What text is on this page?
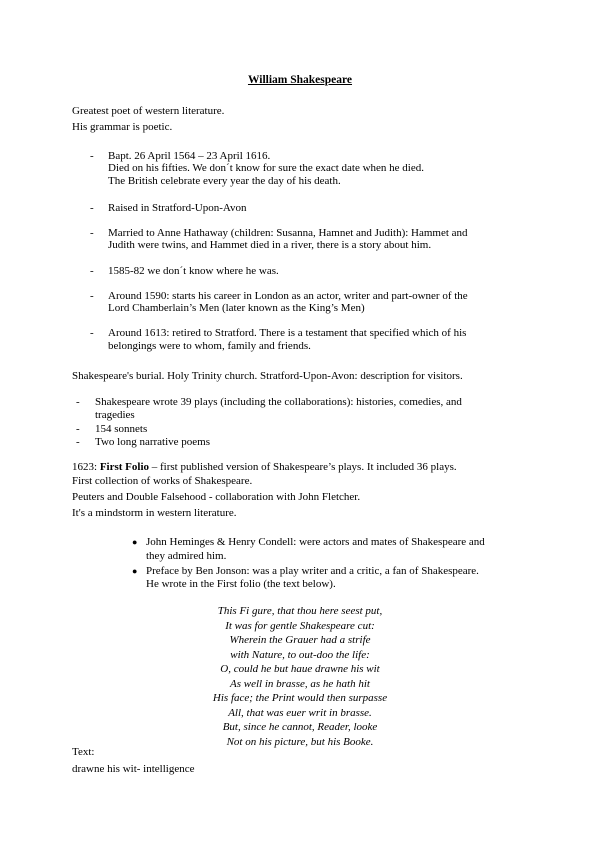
William Shakespeare
Greatest poet of western literature.
His grammar is poetic.
- Bapt. 26 April 1564 – 23 April 1616.
Died on his fifties. We don´t know for sure the exact date when he died.
The British celebrate every year the day of his death.
- Raised in Stratford-Upon-Avon
- Married to Anne Hathaway (children: Susanna, Hamnet and Judith): Hammet and
Judith were twins, and Hammet died in a river, there is a story about him.
- 1585-82 we don´t know where he was.
- Around 1590: starts his career in London as an actor, writer and part-owner of the
Lord Chamberlain’s Men (later known as the King’s Men)
- Around 1613: retired to Stratford. There is a testament that specified which of his
belongings were to whom, family and friends.
Shakespeare's burial. Holy Trinity church. Stratford-Upon-Avon: description for visitors.
- Shakespeare wrote 39 plays (including the collaborations): histories, comedies, and
tragedies
- 154 sonnets
- Two long narrative poems
1623: First Folio – first published version of Shakespeare’s plays. It included 36 plays.
First collection of works of Shakespeare.
Peuters and Double Falsehood - collaboration with John Fletcher.
It's a mindstorm in western literature.
● John Heminges & Henry Condell: were actors and mates of Shakespeare and
they admired him.
● Preface by Ben Jonson: was a play writer and a critic, a fan of Shakespeare.
He wrote in the First folio (the text below).
This Fi gure, that thou here seest put,
It was for gentle Shakespeare cut:
Wherein the Grauer had a strife
with Nature, to out-doo the life:
O, could he but haue drawne his wit
As well in brasse, as he hath hit
His face; the Print would then surpasse
All, that was euer writ in brasse.
But, since he cannot, Reader, looke
Not on his picture, but his Booke.
Text:
drawne his wit- intelligence
